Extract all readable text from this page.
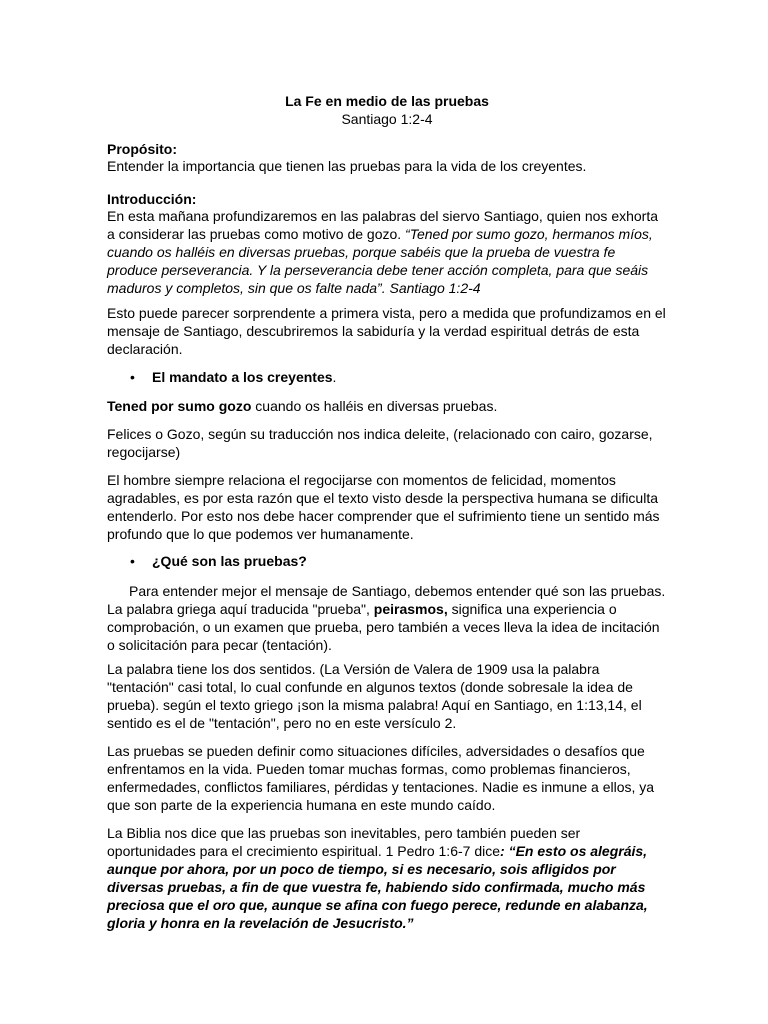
La Fe en medio de las pruebas

Santiago 1:2-4

Propósito:

Entender la importancia que tienen las pruebas para la vida de los creyentes.

Introducción:

En esta mañana profundizaremos en las palabras del siervo Santiago, quien nos exhorta a considerar las pruebas como motivo de gozo. “Tened por sumo gozo, hermanos míos, cuando os halléis en diversas pruebas, porque sabéis que la prueba de vuestra fe produce perseverancia. Y la perseverancia debe tener acción completa, para que seáis maduros y completos, sin que os falte nada”. Santiago 1:2-4

Esto puede parecer sorprendente a primera vista, pero a medida que profundizamos en el mensaje de Santiago, descubriremos la sabiduría y la verdad espiritual detrás de esta declaración.

• El mandato a los creyentes.

Tened por sumo gozo cuando os halléis en diversas pruebas.

Felices o Gozo, según su traducción nos indica deleite, (relacionado con cairo, gozarse, regocijarse)

El hombre siempre relaciona el regocijarse con momentos de felicidad, momentos agradables, es por esta razón que el texto visto desde la perspectiva humana se dificulta entenderlo. Por esto nos debe hacer comprender que el sufrimiento tiene un sentido más profundo que lo que podemos ver humanamente.

• ¿Qué son las pruebas?

Para entender mejor el mensaje de Santiago, debemos entender qué son las pruebas. La palabra griega aquí traducida "prueba", peirasmos, significa una experiencia o comprobación, o un examen que prueba, pero también a veces lleva la idea de incitación o solicitación para pecar (tentación).

La palabra tiene los dos sentidos. (La Versión de Valera de 1909 usa la palabra "tentación" casi total, lo cual confunde en algunos textos (donde sobresale la idea de prueba). según el texto griego ¡son la misma palabra! Aquí en Santiago, en 1:13,14, el sentido es el de "tentación", pero no en este versículo 2.

Las pruebas se pueden definir como situaciones difíciles, adversidades o desafíos que enfrentamos en la vida. Pueden tomar muchas formas, como problemas financieros, enfermedades, conflictos familiares, pérdidas y tentaciones. Nadie es inmune a ellos, ya que son parte de la experiencia humana en este mundo caído.

La Biblia nos dice que las pruebas son inevitables, pero también pueden ser oportunidades para el crecimiento espiritual. 1 Pedro 1:6-7 dice: “En esto os alegráis, aunque por ahora, por un poco de tiempo, si es necesario, sois afligidos por diversas pruebas, a fin de que vuestra fe, habiendo sido confirmada, mucho más preciosa que el oro que, aunque se afina con fuego perece, redunde en alabanza, gloria y honra en la revelación de Jesucristo.”
